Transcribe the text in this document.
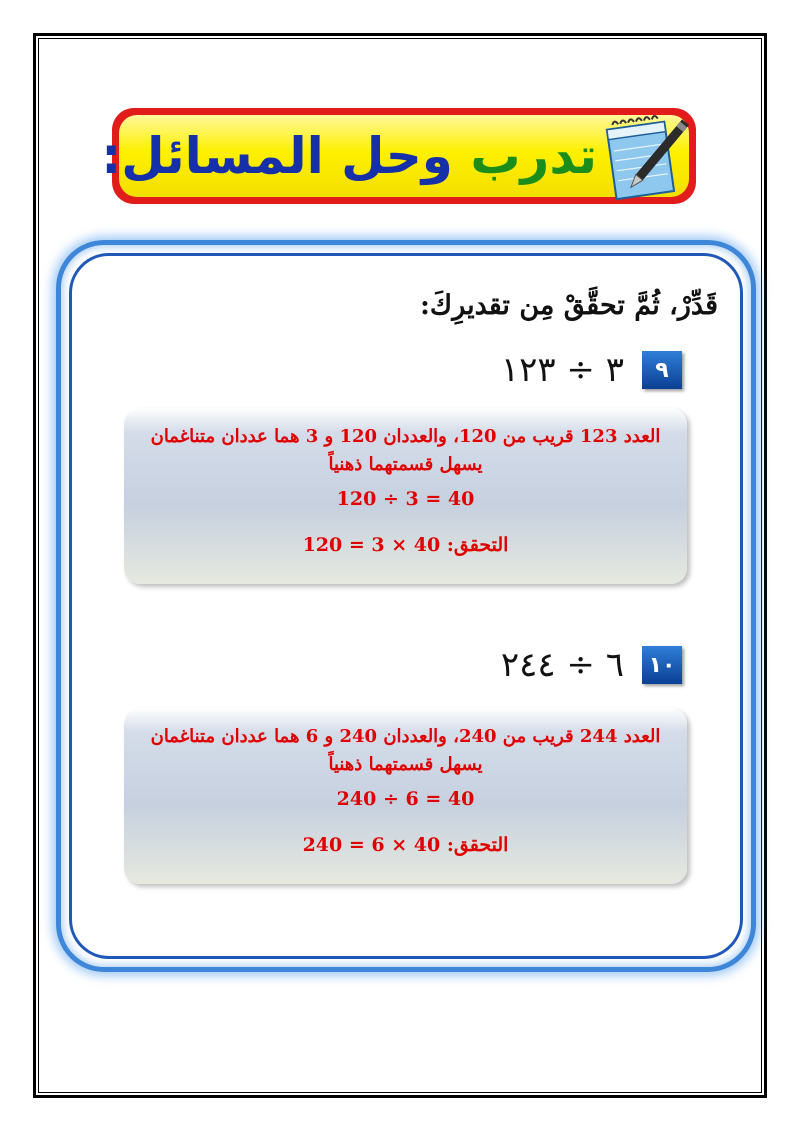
تدرب وحل المسائل:
قَدِّرْ، ثُمَّ تحقَّقْ مِن تقديرِكَ:
٩
٣ ÷ ١٢٣
العدد 123 قريب من 120، والعددان 120 و 3 هما عددان متناغمان
يسهل قسمتهما ذهنياً
40 = 3 ÷ 120
التحقق: 40 × 3 = 120
١٠
٦ ÷ ٢٤٤
العدد 244 قريب من 240، والعددان 240 و 6 هما عددان متناغمان
يسهل قسمتهما ذهنياً
40 = 6 ÷ 240
التحقق: 40 × 6 = 240
